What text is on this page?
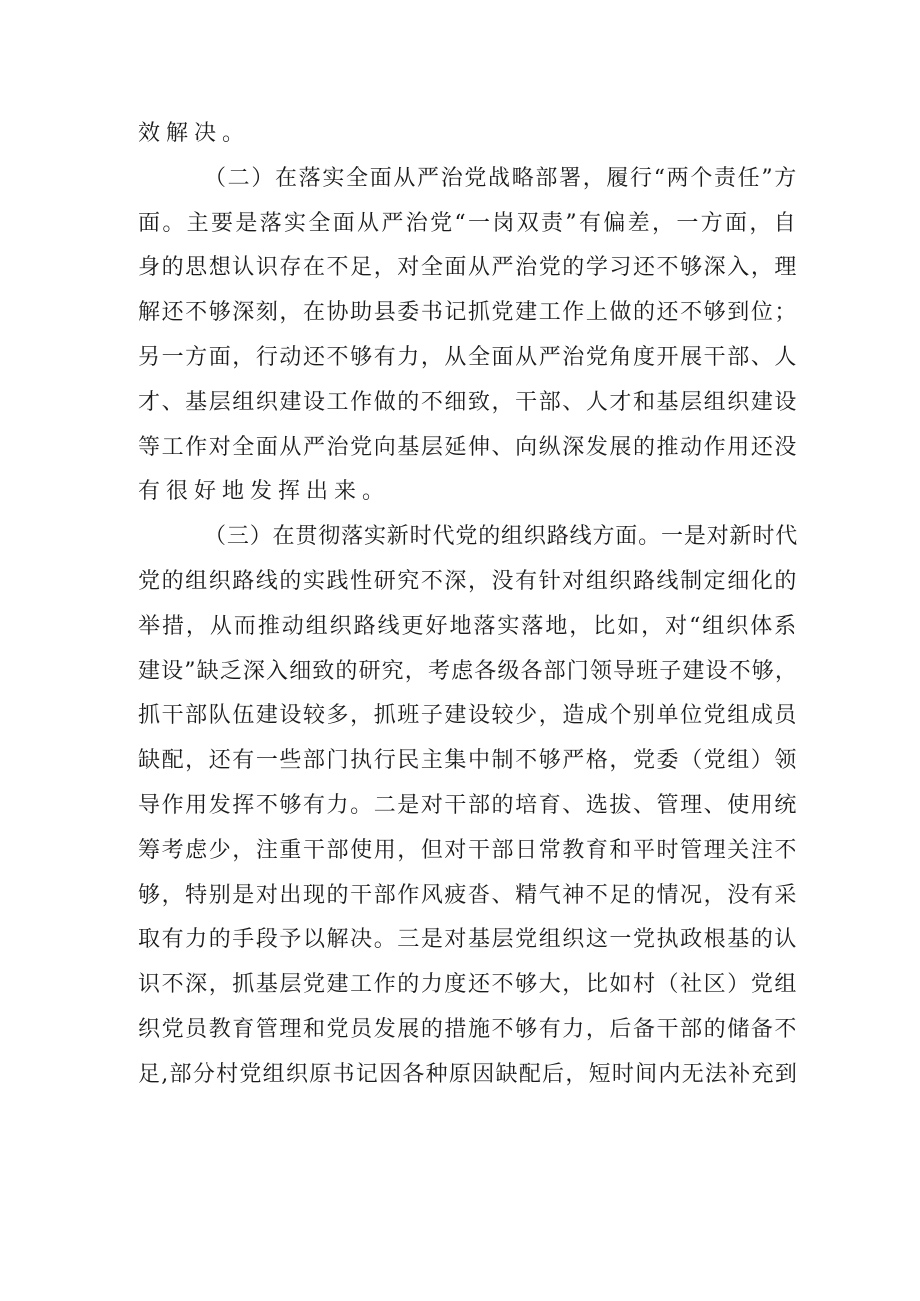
效解决。
（二）在落实全面从严治党战略部署，履行“两个责任”方
面。主要是落实全面从严治党“一岗双责”有偏差，一方面，自
身的思想认识存在不足，对全面从严治党的学习还不够深入，理
解还不够深刻，在协助县委书记抓党建工作上做的还不够到位；
另一方面，行动还不够有力，从全面从严治党角度开展干部、人
才、基层组织建设工作做的不细致，干部、人才和基层组织建设
等工作对全面从严治党向基层延伸、向纵深发展的推动作用还没
有很好地发挥出来。
（三）在贯彻落实新时代党的组织路线方面。一是对新时代
党的组织路线的实践性研究不深，没有针对组织路线制定细化的
举措，从而推动组织路线更好地落实落地，比如，对“组织体系
建设”缺乏深入细致的研究，考虑各级各部门领导班子建设不够，
抓干部队伍建设较多，抓班子建设较少，造成个别单位党组成员
缺配，还有一些部门执行民主集中制不够严格，党委（党组）领
导作用发挥不够有力。二是对干部的培育、选拔、管理、使用统
筹考虑少，注重干部使用，但对干部日常教育和平时管理关注不
够，特别是对出现的干部作风疲沓、精气神不足的情况，没有采
取有力的手段予以解决。三是对基层党组织这一党执政根基的认
识不深，抓基层党建工作的力度还不够大，比如村（社区）党组
织党员教育管理和党员发展的措施不够有力，后备干部的储备不
足,部分村党组织原书记因各种原因缺配后，短时间内无法补充到
